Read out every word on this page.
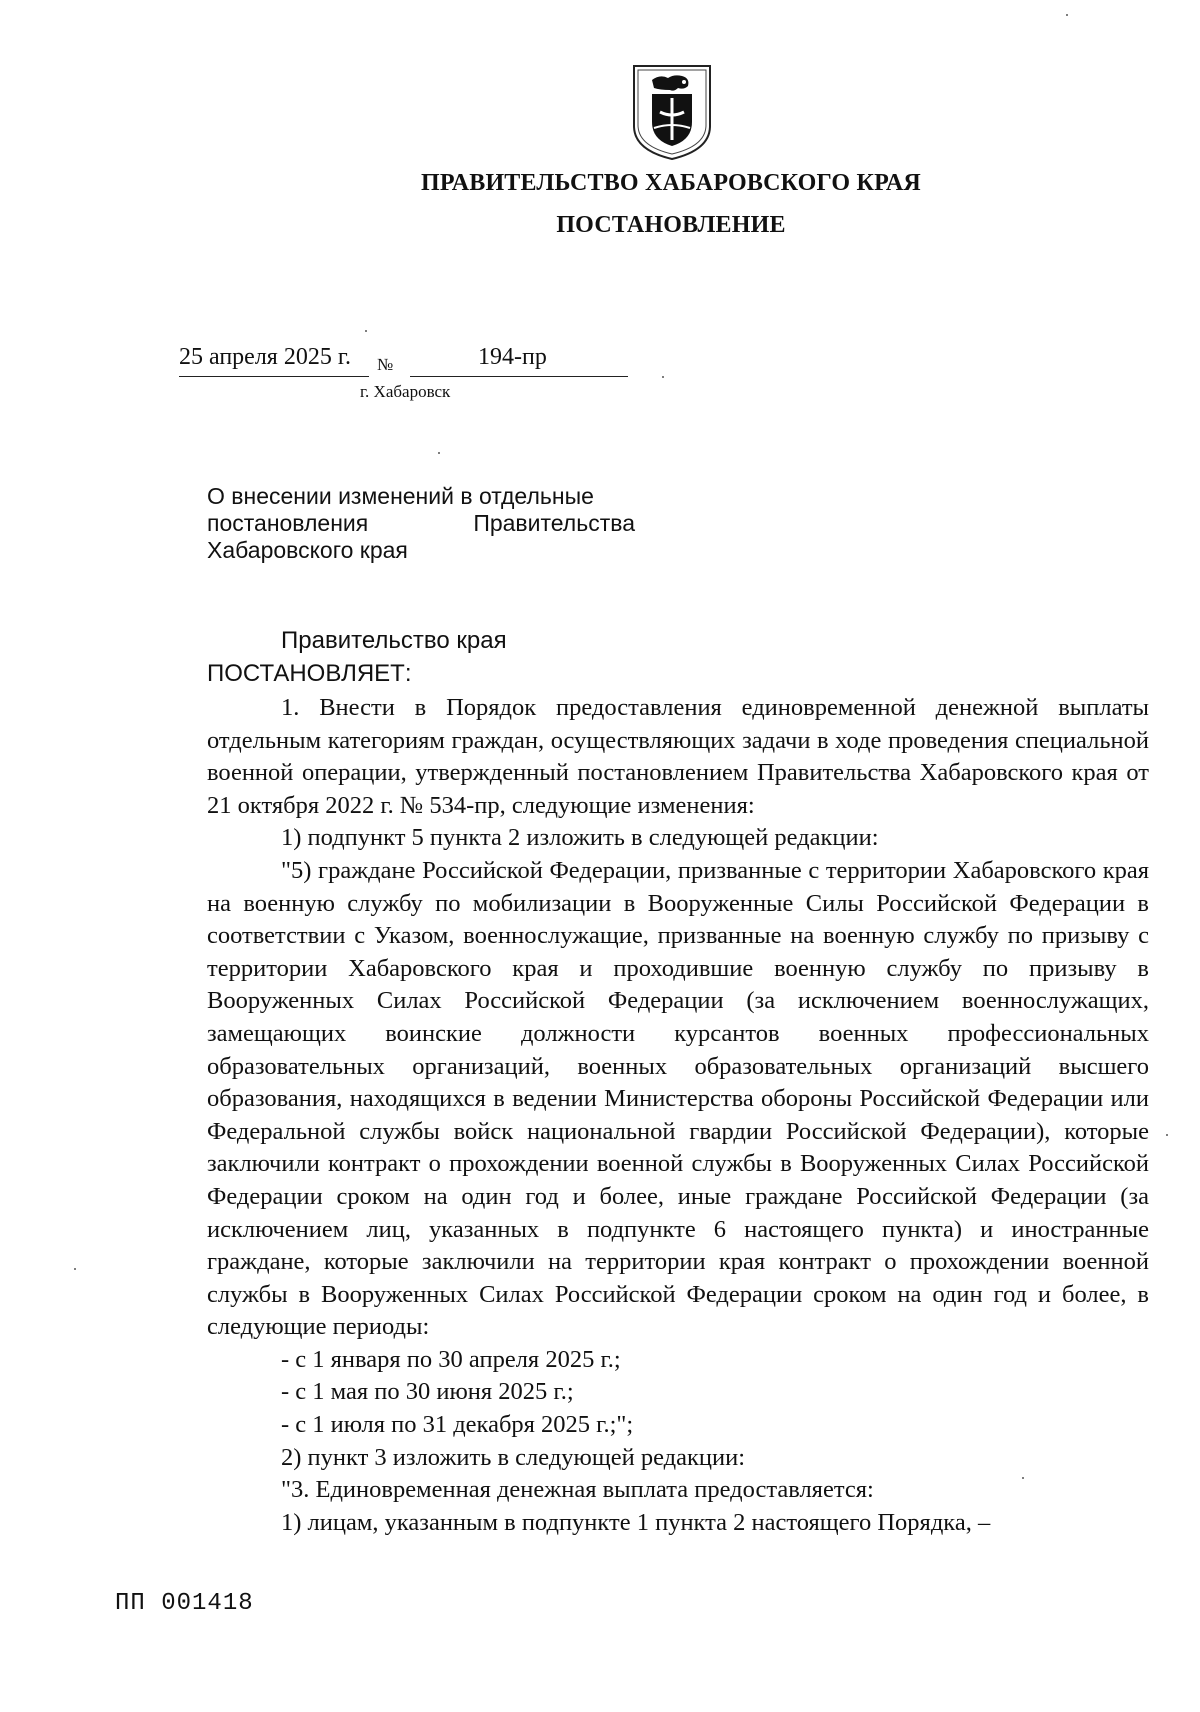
ПРАВИТЕЛЬСТВО ХАБАРОВСКОГО КРАЯ
ПОСТАНОВЛЕНИЕ
25 апреля 2025 г. №	194-пр
г. Хабаровск
О внесении изменений в отдельные
постановления	Правительства
Хабаровского края
Правительство края
ПОСТАНОВЛЯЕТ:

1. Внести в Порядок предоставления единовременной денежной выплаты отдельным категориям граждан, осуществляющих задачи в ходе проведения специальной военной операции, утвержденный постановлением Правительства Хабаровского края от 21 октября 2022 г. № 534-пр, следующие изменения:

1) подпункт 5 пункта 2 изложить в следующей редакции:

"5) граждане Российской Федерации, призванные с территории Хабаровского края на военную службу по мобилизации в Вооруженные Силы Российской Федерации в соответствии с Указом, военнослужащие, призванные на военную службу по призыву с территории Хабаровского края и проходившие военную службу по призыву в Вооруженных Силах Российской Федерации (за исключением военнослужащих, замещающих воинские должности курсантов военных профессиональных образовательных организаций, военных образовательных организаций высшего образования, находящихся в ведении Министерства обороны Российской Федерации или Федеральной службы войск национальной гвардии Российской Федерации), которые заключили контракт о прохождении военной службы в Вооруженных Силах Российской Федерации сроком на один год и более, иные граждане Российской Федерации (за исключением лиц, указанных в подпункте 6 настоящего пункта) и иностранные граждане, которые заключили на территории края контракт о прохождении военной службы в Вооруженных Силах Российской Федерации сроком на один год и более, в следующие периоды:

- с 1 января по 30 апреля 2025 г.;

- с 1 мая по 30 июня 2025 г.;

- с 1 июля по 31 декабря 2025 г.;";

2) пункт 3 изложить в следующей редакции:

"3. Единовременная денежная выплата предоставляется:

1) лицам, указанным в подпункте 1 пункта 2 настоящего Порядка, –

ПП 001418
